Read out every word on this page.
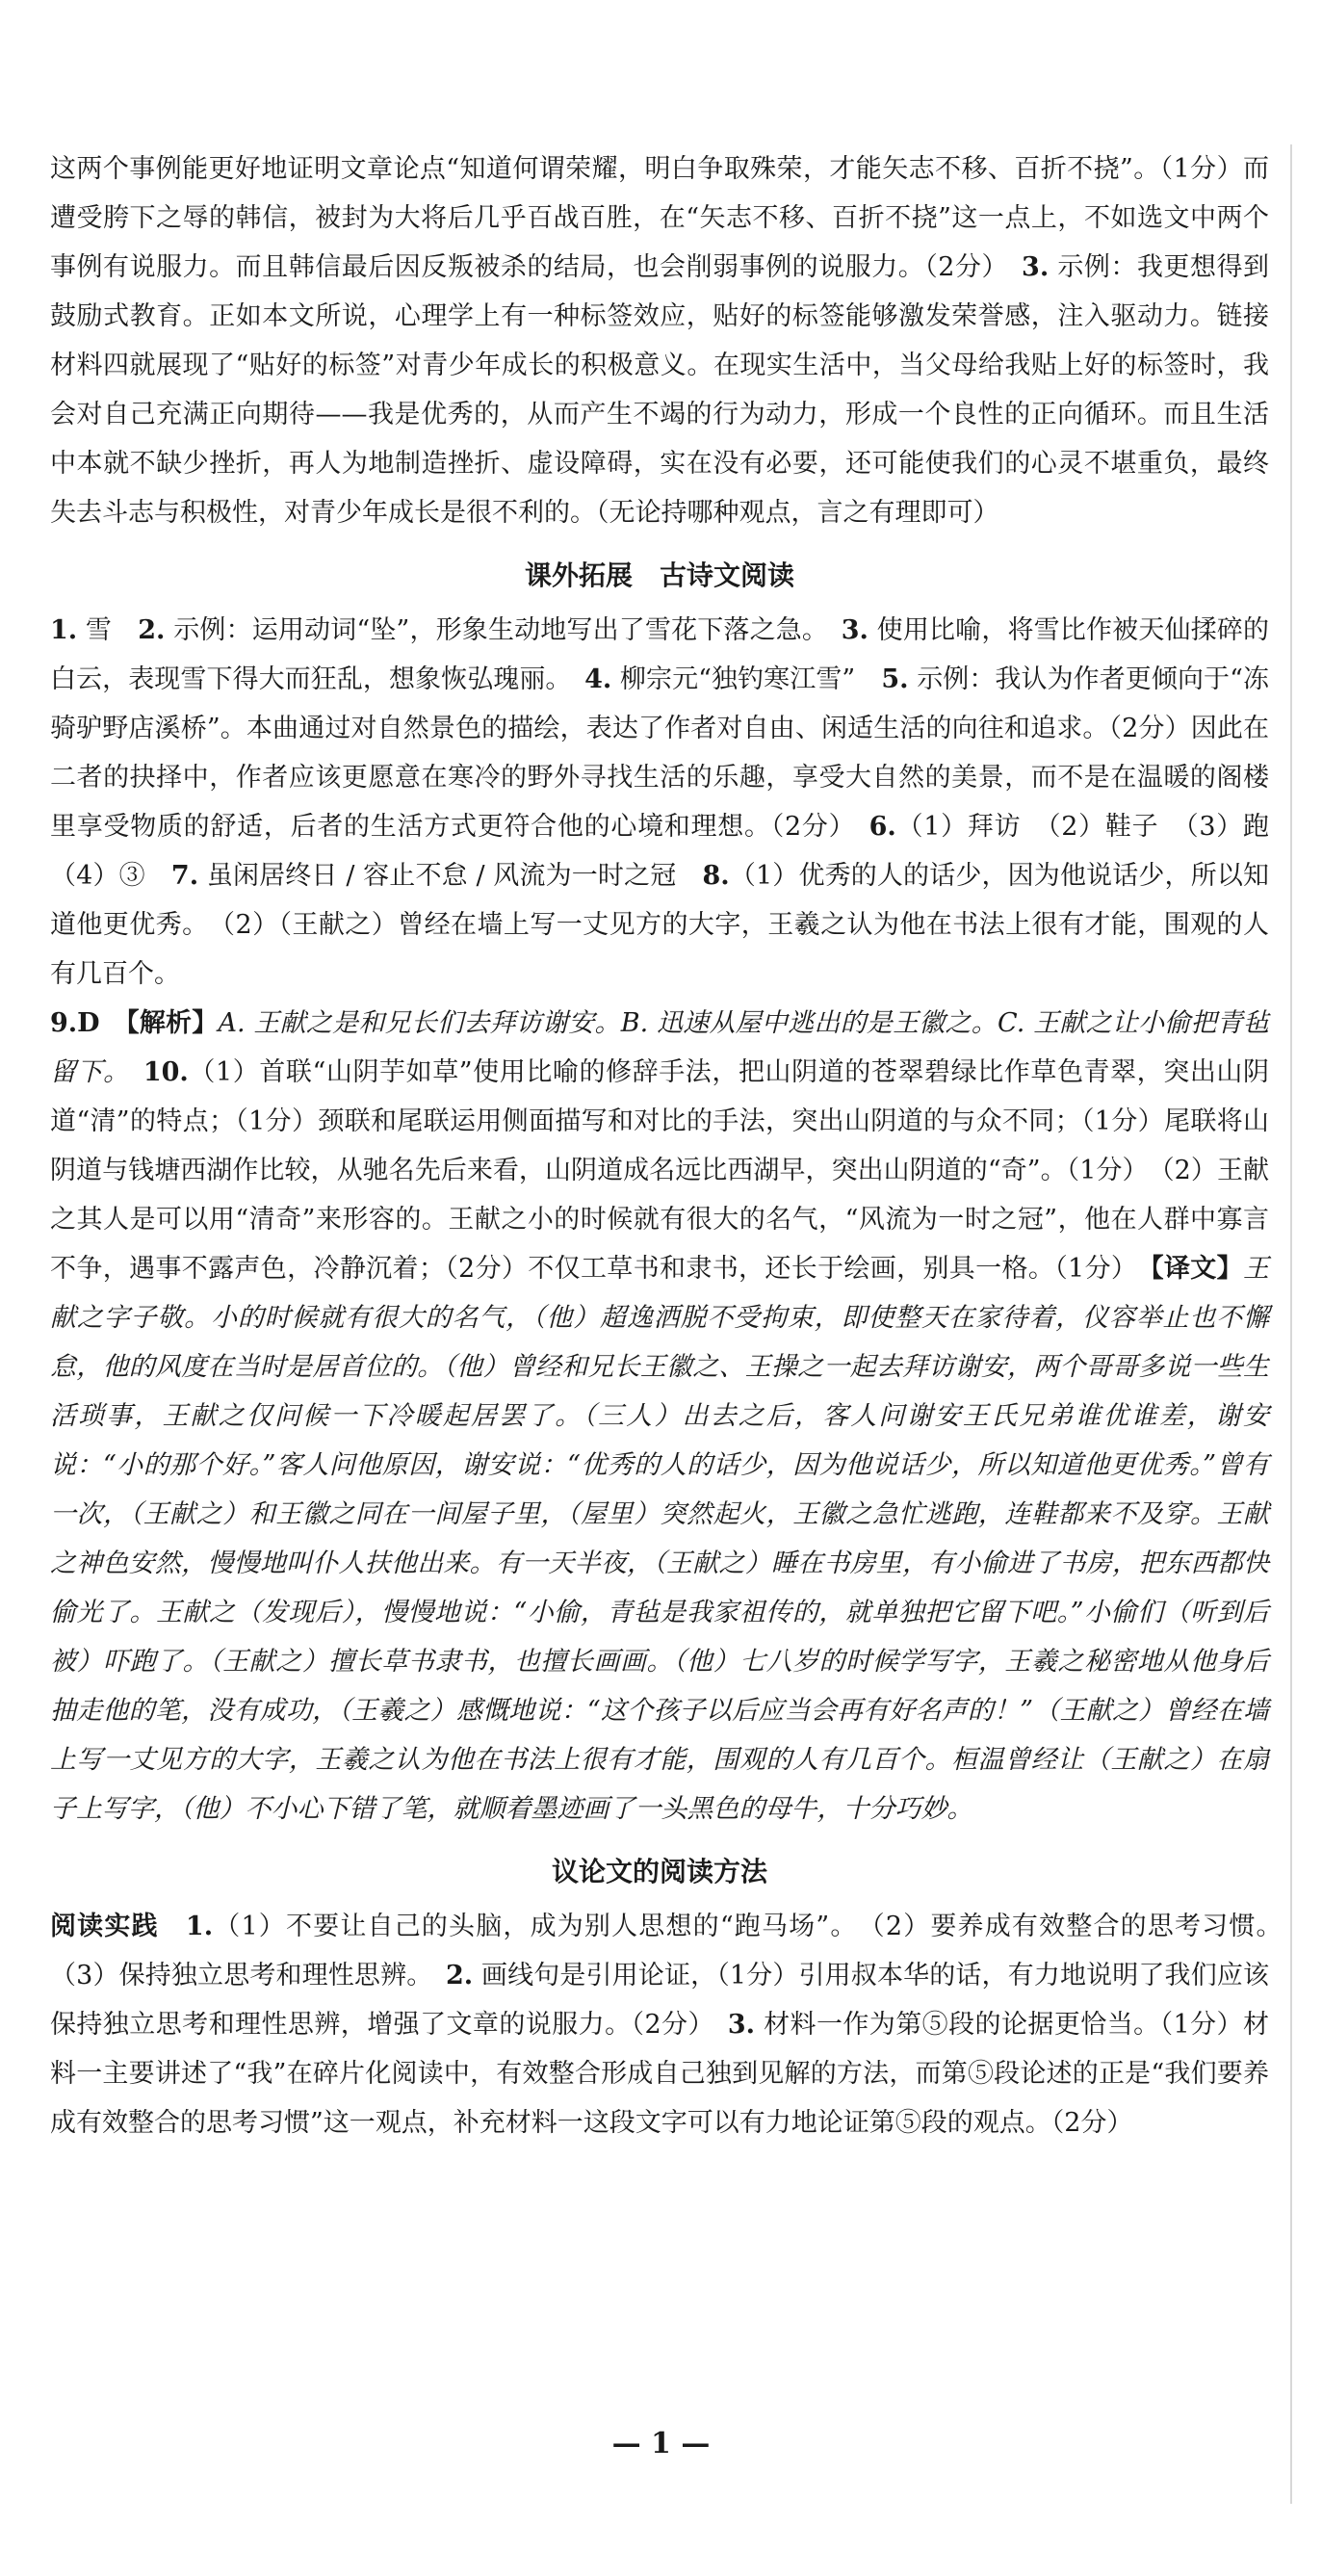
这两个事例能更好地证明文章论点“知道何谓荣耀，明白争取殊荣，才能矢志不移、百折不挠”。（1分）而遭受胯下之辱的韩信，被封为大将后几乎百战百胜，在“矢志不移、百折不挠”这一点上，不如选文中两个事例有说服力。而且韩信最后因反叛被杀的结局，也会削弱事例的说服力。（2分）　3. 示例：我更想得到鼓励式教育。正如本文所说，心理学上有一种标签效应，贴好的标签能够激发荣誉感，注入驱动力。链接材料四就展现了“贴好的标签”对青少年成长的积极意义。在现实生活中，当父母给我贴上好的标签时，我会对自己充满正向期待——我是优秀的，从而产生不竭的行为动力，形成一个良性的正向循环。而且生活中本就不缺少挫折，再人为地制造挫折、虚设障碍，实在没有必要，还可能使我们的心灵不堪重负，最终失去斗志与积极性，对青少年成长是很不利的。（无论持哪种观点，言之有理即可）

课外拓展　古诗文阅读

1. 雪　2. 示例：运用动词“坠”，形象生动地写出了雪花下落之急。　3. 使用比喻，将雪比作被天仙揉碎的白云，表现雪下得大而狂乱，想象恢弘瑰丽。　4. 柳宗元“独钓寒江雪”　5. 示例：我认为作者更倾向于“冻骑驴野店溪桥”。本曲通过对自然景色的描绘，表达了作者对自由、闲适生活的向往和追求。（2分）因此在二者的抉择中，作者应该更愿意在寒冷的野外寻找生活的乐趣，享受大自然的美景，而不是在温暖的阁楼里享受物质的舒适，后者的生活方式更符合他的心境和理想。（2分）　6.（1）拜访　（2）鞋子　（3）跑　（4）③　7. 虽闲居终日 / 容止不怠 / 风流为一时之冠　8.（1）优秀的人的话少，因为他说话少，所以知道他更优秀。　（2）（王献之）曾经在墙上写一丈见方的大字，王羲之认为他在书法上很有才能，围观的人有几百个。

9.D　【解析】A. 王献之是和兄长们去拜访谢安。B. 迅速从屋中逃出的是王徽之。C. 王献之让小偷把青毡留下。　 10.（1）首联“山阴芋如草”使用比喻的修辞手法，把山阴道的苍翠碧绿比作草色青翠，突出山阴道“清”的特点；（1分）颈联和尾联运用侧面描写和对比的手法，突出山阴道的与众不同；（1分）尾联将山阴道与钱塘西湖作比较，从驰名先后来看，山阴道成名远比西湖早，突出山阴道的“奇”。（1分）　（2）王献之其人是可以用“清奇”来形容的。王献之小的时候就有很大的名气，“风流为一时之冠”，他在人群中寡言不争，遇事不露声色，冷静沉着；（2分）不仅工草书和隶书，还长于绘画，别具一格。（1分）　【译文】王献之字子敬。小的时候就有很大的名气，（他）超逸洒脱不受拘束，即使整天在家待着，仪容举止也不懈怠，他的风度在当时是居首位的。（他）曾经和兄长王徽之、王操之一起去拜访谢安，两个哥哥多说一些生活琐事，王献之仅问候一下冷暖起居罢了。（三人）出去之后，客人问谢安王氏兄弟谁优谁差，谢安说：“小的那个好。”客人问他原因，谢安说：“优秀的人的话少，因为他说话少，所以知道他更优秀。”曾有一次，（王献之）和王徽之同在一间屋子里，（屋里）突然起火，王徽之急忙逃跑，连鞋都来不及穿。王献之神色安然，慢慢地叫仆人扶他出来。有一天半夜，（王献之）睡在书房里，有小偷进了书房，把东西都快偷光了。王献之（发现后），慢慢地说：“小偷，青毡是我家祖传的，就单独把它留下吧。”小偷们（听到后被）吓跑了。（王献之）擅长草书隶书，也擅长画画。（他）七八岁的时候学写字，王羲之秘密地从他身后抽走他的笔，没有成功，（王羲之）感慨地说：“这个孩子以后应当会再有好名声的！”（王献之）曾经在墙上写一丈见方的大字，王羲之认为他在书法上很有才能，围观的人有几百个。桓温曾经让（王献之）在扇子上写字，（他）不小心下错了笔，就顺着墨迹画了一头黑色的母牛，十分巧妙。

议论文的阅读方法

阅读实践　 1.（1）不要让自己的头脑，成为别人思想的“跑马场”。　（2）要养成有效整合的思考习惯。　（3）保持独立思考和理性思辨。　2. 画线句是引用论证，（1分）引用叔本华的话，有力地说明了我们应该保持独立思考和理性思辨，增强了文章的说服力。（2分）　3. 材料一作为第⑤段的论据更恰当。（1分）材料一主要讲述了“我”在碎片化阅读中，有效整合形成自己独到见解的方法，而第⑤段论述的正是“我们要养成有效整合的思考习惯”这一观点，补充材料一这段文字可以有力地论证第⑤段的观点。（2分）

— 1 —
